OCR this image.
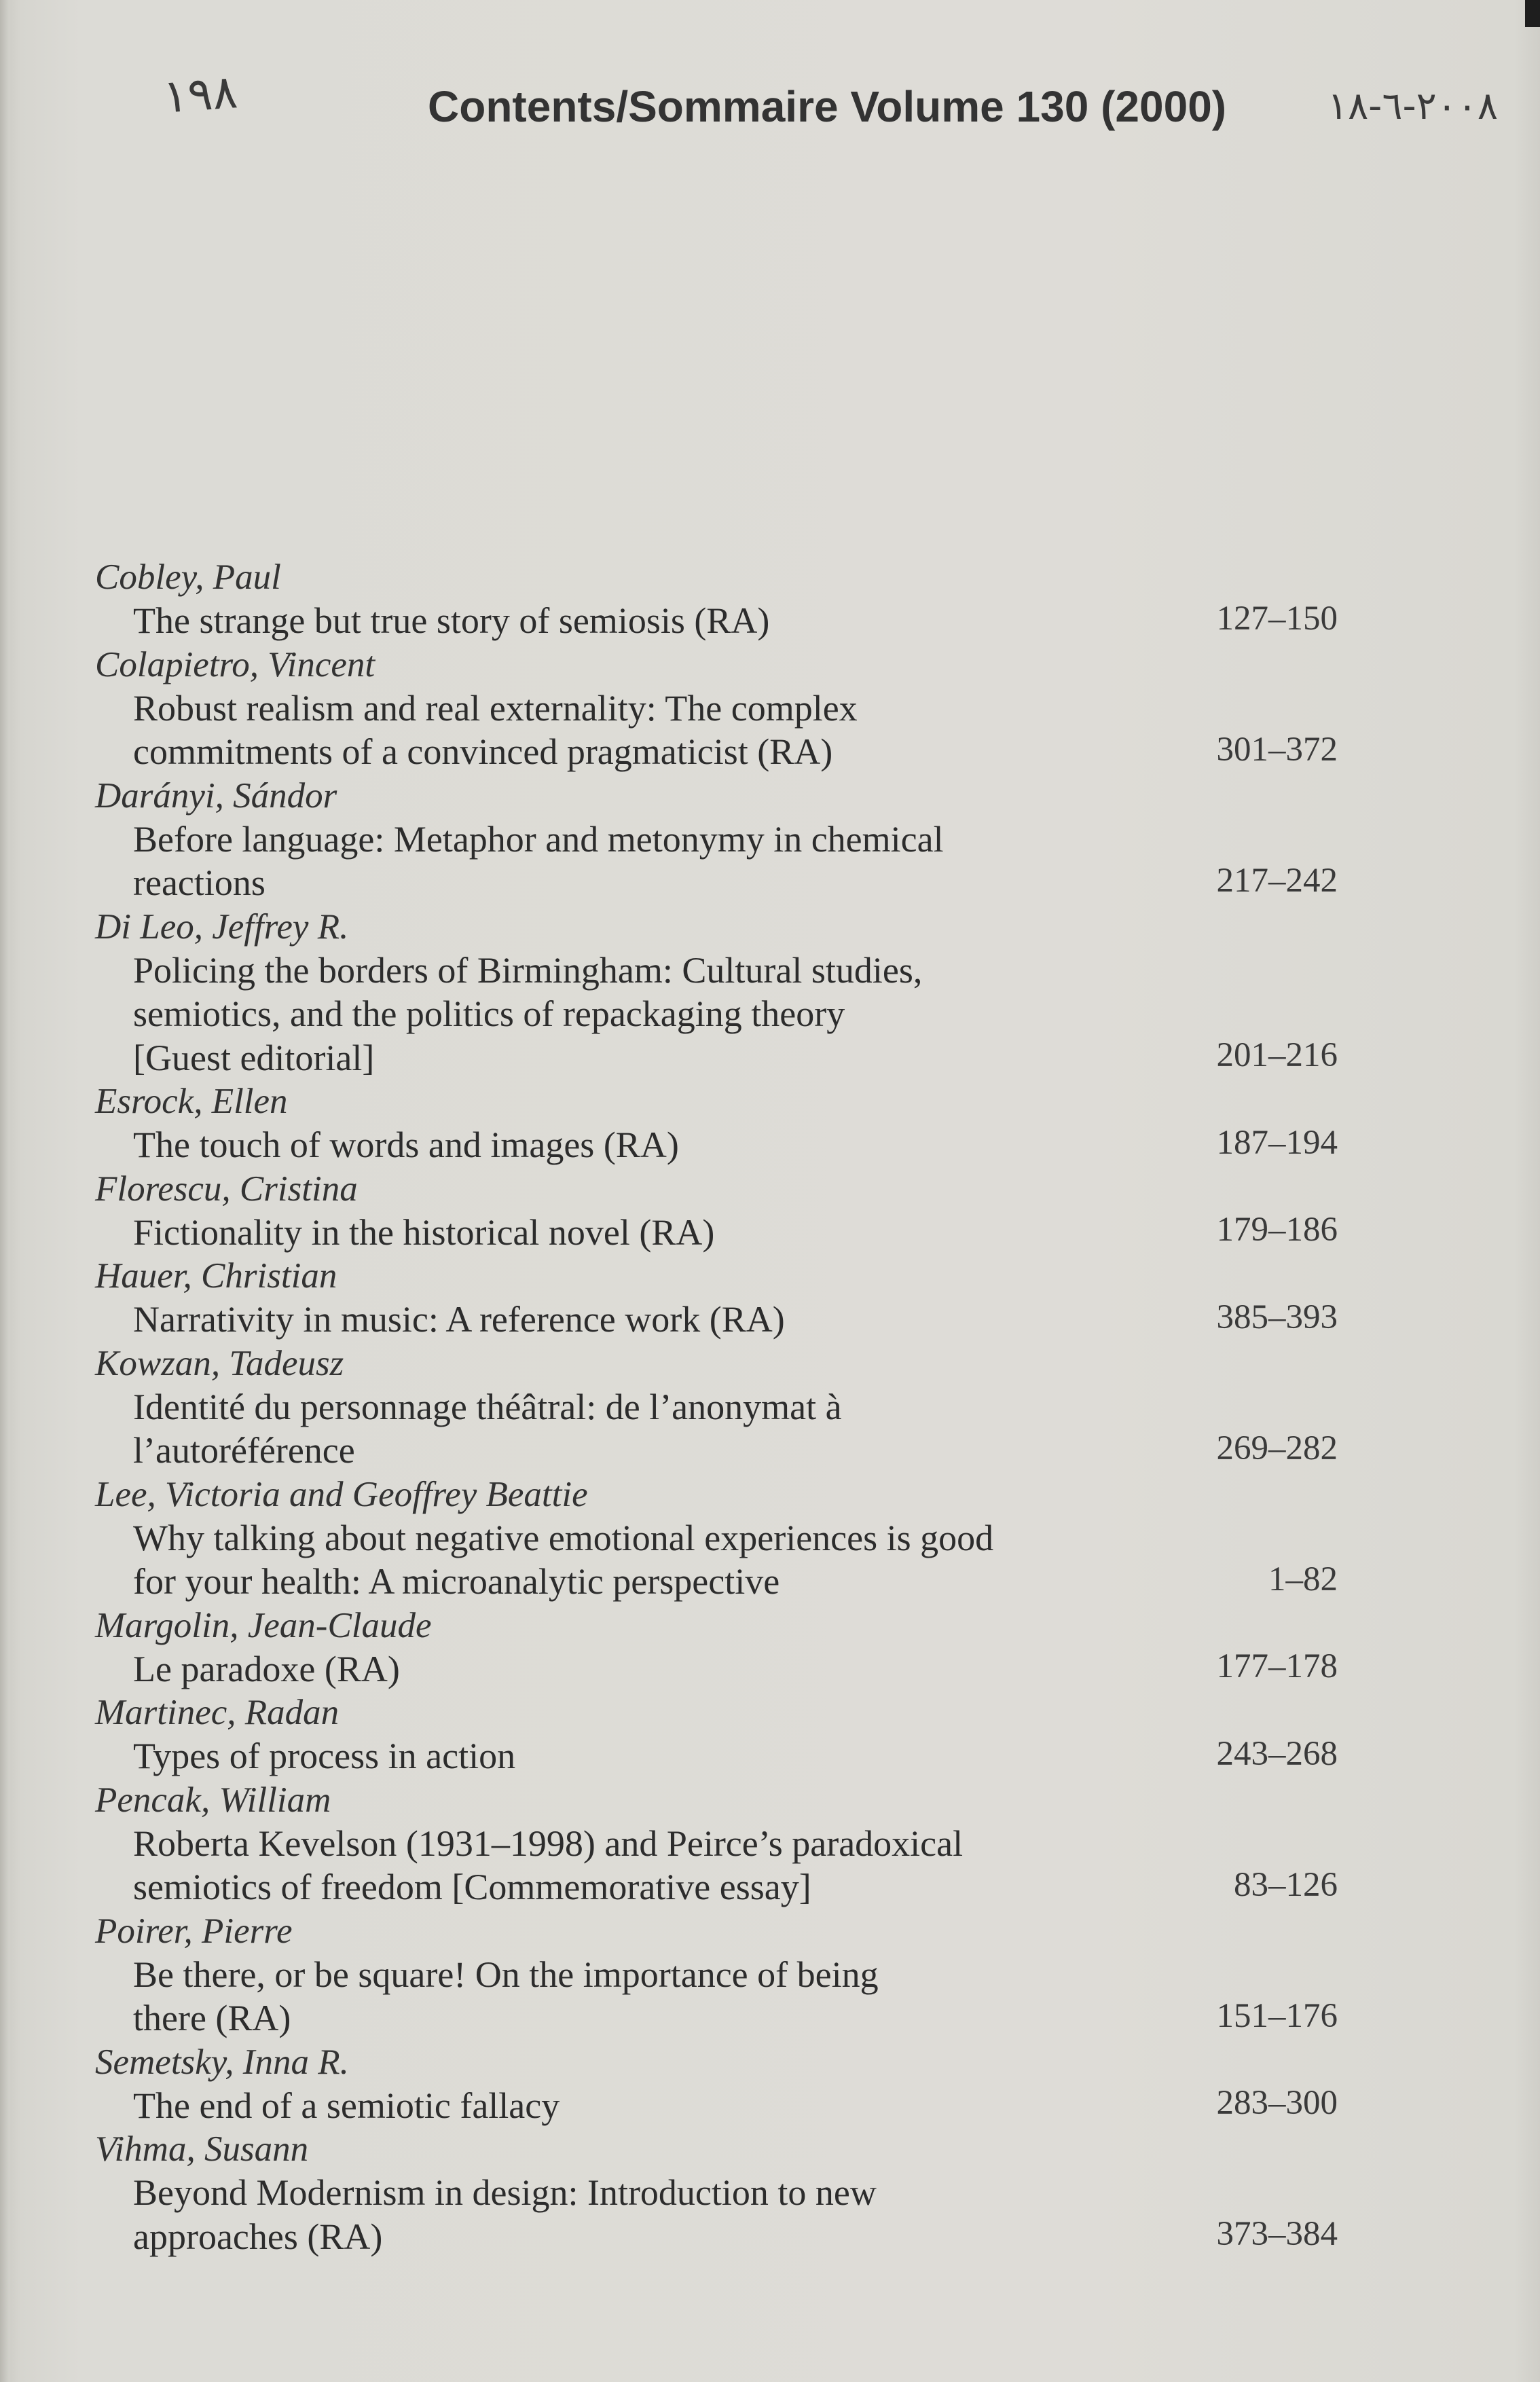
١٩٨	Contents/Sommaire Volume 130 (2000)	٢٠٠٨-٦-١٨
Cobley, Paul
The strange but true story of semiosis (RA)	127–150
Colapietro, Vincent
Robust realism and real externality: The complex
commitments of a convinced pragmaticist (RA)	301–372
Darányi, Sándor
Before language: Metaphor and metonymy in chemical
reactions	217–242
Di Leo, Jeffrey R.
Policing the borders of Birmingham: Cultural studies,
semiotics, and the politics of repackaging theory
[Guest editorial]	201–216
Esrock, Ellen
The touch of words and images (RA)	187–194
Florescu, Cristina
Fictionality in the historical novel (RA)	179–186
Hauer, Christian
Narrativity in music: A reference work (RA)	385–393
Kowzan, Tadeusz
Identité du personnage théâtral: de l’anonymat à
l’autoréférence	269–282
Lee, Victoria and Geoffrey Beattie
Why talking about negative emotional experiences is good
for your health: A microanalytic perspective	1–82
Margolin, Jean-Claude
Le paradoxe (RA)	177–178
Martinec, Radan
Types of process in action	243–268
Pencak, William
Roberta Kevelson (1931–1998) and Peirce’s paradoxical
semiotics of freedom [Commemorative essay]	83–126
Poirer, Pierre
Be there, or be square! On the importance of being
there (RA)	151–176
Semetsky, Inna R.
The end of a semiotic fallacy	283–300
Vihma, Susann
Beyond Modernism in design: Introduction to new
approaches (RA)	373–384
